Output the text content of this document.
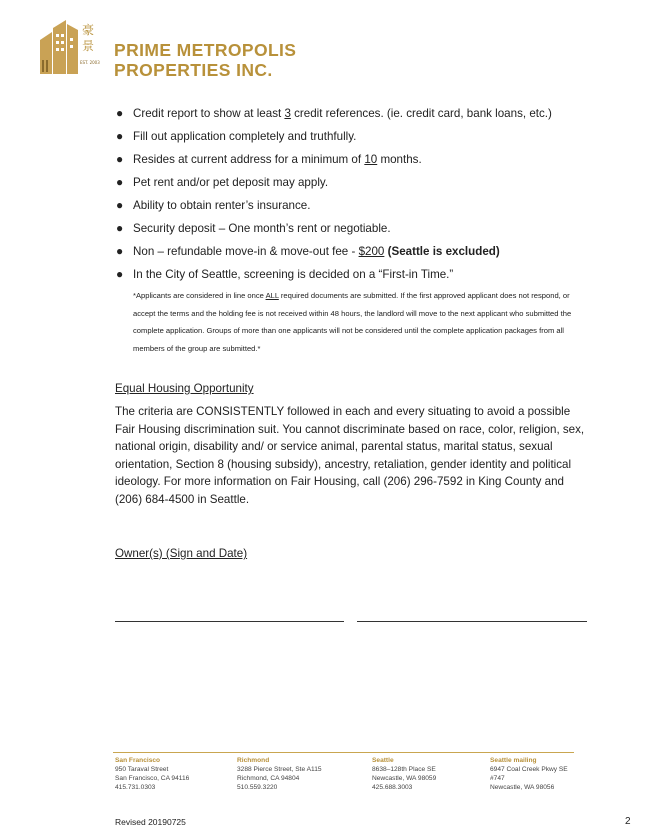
豪
景
EST. 2003
PRIME METROPOLIS
PROPERTIES INC.
● Credit report to show at least 3 credit references. (ie. credit card, bank loans, etc.)
● Fill out application completely and truthfully.
● Resides at current address for a minimum of 10 months.
● Pet rent and/or pet deposit may apply.
● Ability to obtain renter’s insurance.
● Security deposit – One month’s rent or negotiable.
● Non – refundable move-in & move-out fee - $200 (Seattle is excluded)
● In the City of Seattle, screening is decided on a “First-in Time.”
*Applicants are considered in line once ALL required documents are submitted. If the first approved applicant does not respond, or accept the terms and the holding fee is not received within 48 hours, the landlord will move to the next applicant who submitted the complete application. Groups of more than one applicants will not be considered until the complete application packages from all members of the group are submitted.*
Equal Housing Opportunity
The criteria are CONSISTENTLY followed in each and every situating to avoid a possible Fair Housing discrimination suit. You cannot discriminate based on race, color, religion, sex, national origin, disability and/ or service animal, parental status, marital status, sexual orientation, Section 8 (housing subsidy), ancestry, retaliation, gender identity and political ideology. For more information on Fair Housing, call (206) 296-7592 in King County and (206) 684-4500 in Seattle.
Owner(s) (Sign and Date)
San Francisco
950 Taraval Street
San Francisco, CA 94116
415.731.0303
Richmond
3288 Pierce Street, Ste A115
Richmond, CA 94804
510.559.3220
Seattle
8638–128th Place SE
Newcastle, WA 98059
425.688.3003
Seattle mailing
6947 Coal Creek Pkwy SE
#747
Newcastle, WA 98056
Revised 20190725	2
